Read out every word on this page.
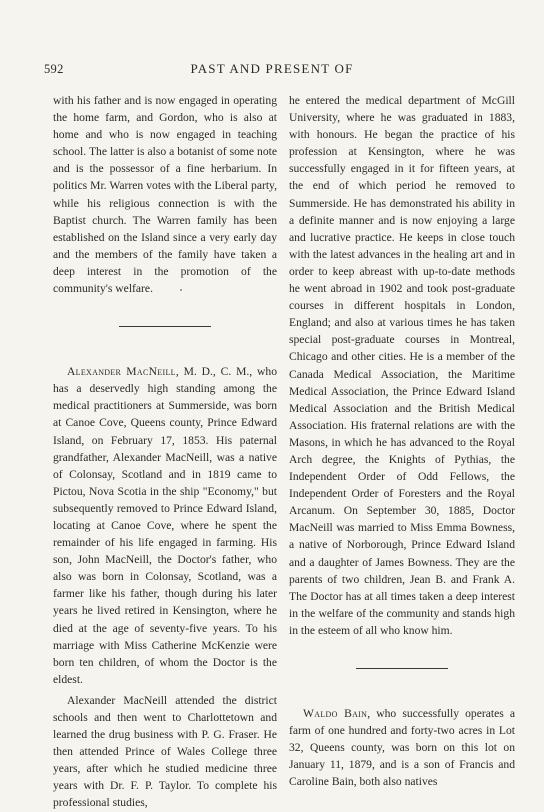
592	PAST AND PRESENT OF

with his father and is now engaged in operating the home farm, and Gordon, who is also at home and who is now engaged in teaching school. The latter is also a botanist of some note and is the possessor of a fine herbarium. In politics Mr. Warren votes with the Liberal party, while his religious connection is with the Baptist church. The Warren family has been established on the Island since a very early day and the members of the family have taken a deep interest in the promotion of the community's welfare.

Alexander MacNeill, M. D., C. M., who has a deservedly high standing among the medical practitioners at Summerside, was born at Canoe Cove, Queens county, Prince Edward Island, on February 17, 1853. His paternal grandfather, Alexander MacNeill, was a native of Colonsay, Scotland and in 1819 came to Pictou, Nova Scotia in the ship "Economy," but subsequently removed to Prince Edward Island, locating at Canoe Cove, where he spent the remainder of his life engaged in farming. His son, John MacNeill, the Doctor's father, who also was born in Colonsay, Scotland, was a farmer like his father, though during his later years he lived retired in Kensington, where he died at the age of seventy-five years. To his marriage with Miss Catherine McKenzie were born ten children, of whom the Doctor is the eldest.

Alexander MacNeill attended the district schools and then went to Charlottetown and learned the drug business with P. G. Fraser. He then attended Prince of Wales College three years, after which he studied medicine three years with Dr. F. P. Taylor. To complete his professional studies,

he entered the medical department of McGill University, where he was graduated in 1883, with honours. He began the practice of his profession at Kensington, where he was successfully engaged in it for fifteen years, at the end of which period he removed to Summerside. He has demonstrated his ability in a definite manner and is now enjoying a large and lucrative practice. He keeps in close touch with the latest advances in the healing art and in order to keep abreast with up-to-date methods he went abroad in 1902 and took post-graduate courses in different hospitals in London, England; and also at various times he has taken special post-graduate courses in Montreal, Chicago and other cities. He is a member of the Canada Medical Association, the Maritime Medical Association, the Prince Edward Island Medical Association and the British Medical Association. His fraternal relations are with the Masons, in which he has advanced to the Royal Arch degree, the Knights of Pythias, the Independent Order of Odd Fellows, the Independent Order of Foresters and the Royal Arcanum. On September 30, 1885, Doctor MacNeill was married to Miss Emma Bowness, a native of Norborough, Prince Edward Island and a daughter of James Bowness. They are the parents of two children, Jean B. and Frank A. The Doctor has at all times taken a deep interest in the welfare of the community and stands high in the esteem of all who know him.

Waldo Bain, who successfully operates a farm of one hundred and forty-two acres in Lot 32, Queens county, was born on this lot on January 11, 1879, and is a son of Francis and Caroline Bain, both also natives
